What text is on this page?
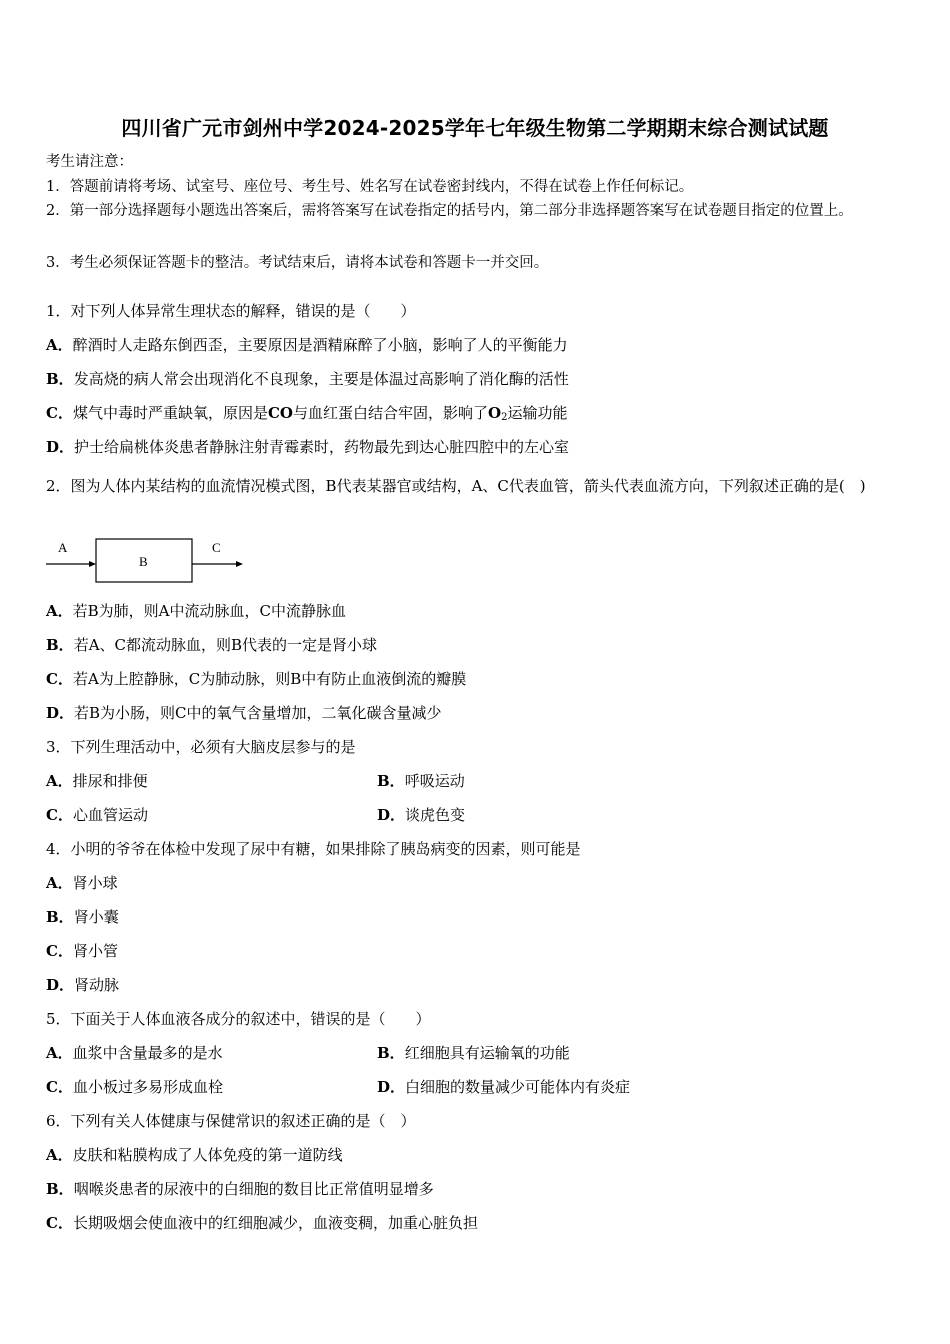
四川省广元市剑州中学2024-2025学年七年级生物第二学期期末综合测试试题
考生请注意：
1．答题前请将考场、试室号、座位号、考生号、姓名写在试卷密封线内，不得在试卷上作任何标记。
2．第一部分选择题每小题选出答案后，需将答案写在试卷指定的括号内，第二部分非选择题答案写在试卷题目指定的位置上。
3．考生必须保证答题卡的整洁。考试结束后，请将本试卷和答题卡一并交回。
1．对下列人体异常生理状态的解释，错误的是（　　）
A．醉酒时人走路东倒西歪，主要原因是酒精麻醉了小脑，影响了人的平衡能力
B．发高烧的病人常会出现消化不良现象，主要是体温过高影响了消化酶的活性
C．煤气中毒时严重缺氧，原因是CO与血红蛋白结合牢固，影响了$O_2$运输功能
D．护士给扁桃体炎患者静脉注射青霉素时，药物最先到达心脏四腔中的左心室
2．图为人体内某结构的血流情况模式图，B代表某器官或结构，A、C代表血管，箭头代表血流方向，下列叙述正确的是(　)
A
B
C
A．若B为肺，则A中流动脉血，C中流静脉血
B．若A、C都流动脉血，则B代表的一定是肾小球
C．若A为上腔静脉，C为肺动脉，则B中有防止血液倒流的瓣膜
D．若B为小肠，则C中的氧气含量增加，二氧化碳含量减少
3．下列生理活动中，必须有大脑皮层参与的是
A．排尿和排便	B．呼吸运动
C．心血管运动	D．谈虎色变
4．小明的爷爷在体检中发现了尿中有糖，如果排除了胰岛病变的因素，则可能是
A．肾小球
B．肾小囊
C．肾小管
D．肾动脉
5．下面关于人体血液各成分的叙述中，错误的是（　　）
A．血浆中含量最多的是水	B．红细胞具有运输氧的功能
C．血小板过多易形成血栓	D．白细胞的数量减少可能体内有炎症
6．下列有关人体健康与保健常识的叙述正确的是（　）
A．皮肤和粘膜构成了人体免疫的第一道防线
B．咽喉炎患者的尿液中的白细胞的数目比正常值明显增多
C．长期吸烟会使血液中的红细胞减少，血液变稠，加重心脏负担
